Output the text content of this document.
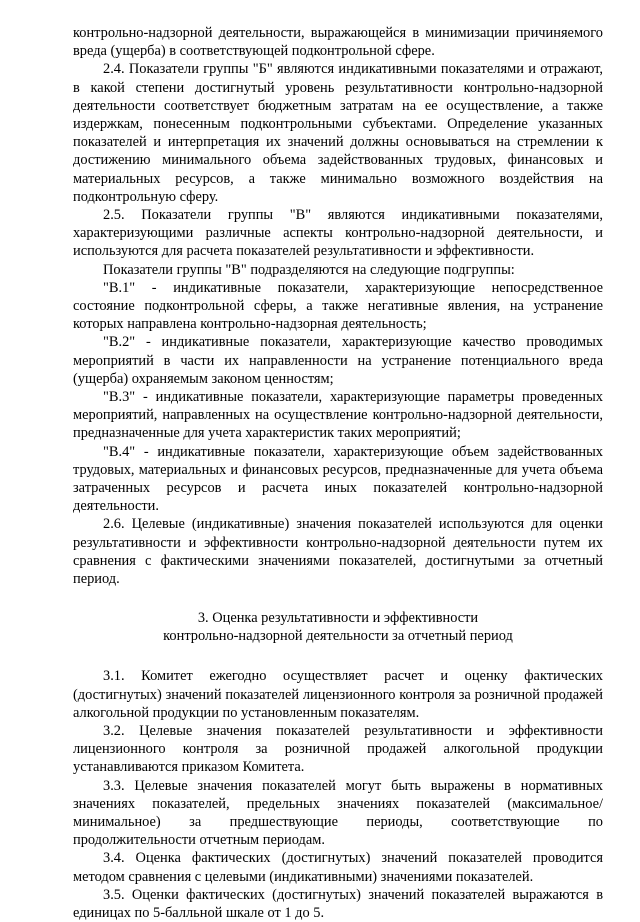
контрольно-надзорной деятельности, выражающейся в минимизации причиняемого вреда (ущерба) в соответствующей подконтрольной сфере.

2.4. Показатели группы "Б" являются индикативными показателями и отражают, в какой степени достигнутый уровень результативности контрольно-надзорной деятельности соответствует бюджетным затратам на ее осуществление, а также издержкам, понесенным подконтрольными субъектами. Определение указанных показателей и интерпретация их значений должны основываться на стремлении к достижению минимального объема задействованных трудовых, финансовых и материальных ресурсов, а также минимально возможного воздействия на подконтрольную сферу.

2.5. Показатели группы "В" являются индикативными показателями, характеризующими различные аспекты контрольно-надзорной деятельности, и используются для расчета показателей результативности и эффективности.

Показатели группы "В" подразделяются на следующие подгруппы:

"В.1" - индикативные показатели, характеризующие непосредственное состояние подконтрольной сферы, а также негативные явления, на устранение которых направлена контрольно-надзорная деятельность;

"В.2" - индикативные показатели, характеризующие качество проводимых мероприятий в части их направленности на устранение потенциального вреда (ущерба) охраняемым законом ценностям;

"В.3" - индикативные показатели, характеризующие параметры проведенных мероприятий, направленных на осуществление контрольно-надзорной деятельности, предназначенные для учета характеристик таких мероприятий;

"В.4" - индикативные показатели, характеризующие объем задействованных трудовых, материальных и финансовых ресурсов, предназначенные для учета объема затраченных ресурсов и расчета иных показателей контрольно-надзорной деятельности.

2.6. Целевые (индикативные) значения показателей используются для оценки результативности и эффективности контрольно-надзорной деятельности путем их сравнения с фактическими значениями показателей, достигнутыми за отчетный период.

3. Оценка результативности и эффективности
контрольно-надзорной деятельности за отчетный период

3.1. Комитет ежегодно осуществляет расчет и оценку фактических (достигнутых) значений показателей лицензионного контроля за розничной продажей алкогольной продукции по установленным показателям.

3.2. Целевые значения показателей результативности и эффективности лицензионного контроля за розничной продажей алкогольной продукции устанавливаются приказом Комитета.

3.3. Целевые значения показателей могут быть выражены в нормативных значениях показателей, предельных значениях показателей (максимальное/минимальное) за предшествующие периоды, соответствующие по продолжительности отчетным периодам.

3.4. Оценка фактических (достигнутых) значений показателей проводится методом сравнения с целевыми (индикативными) значениями показателей.

3.5. Оценки фактических (достигнутых) значений показателей выражаются в единицах по 5-балльной шкале от 1 до 5.
